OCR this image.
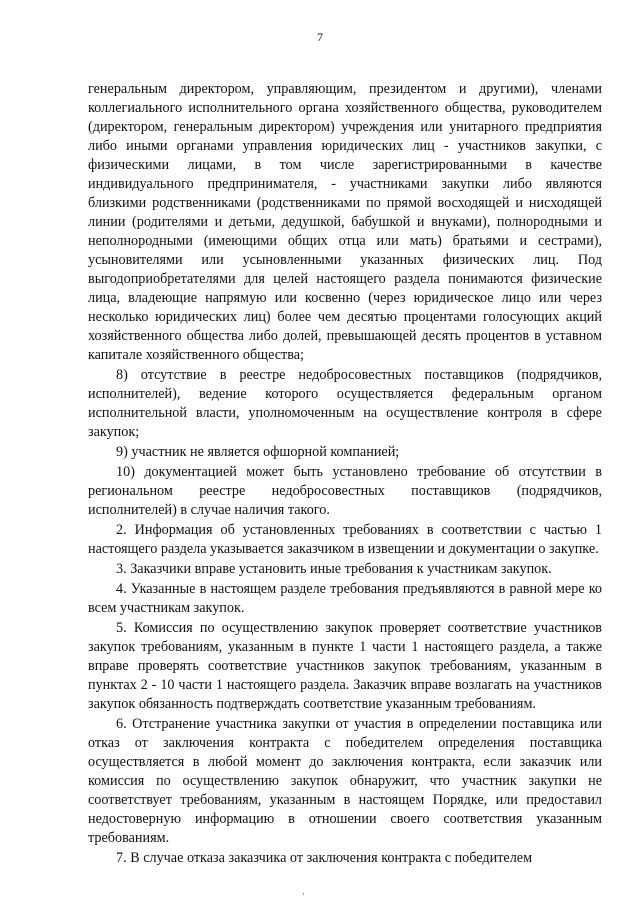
7

генеральным директором, управляющим, президентом и другими), членами коллегиального исполнительного органа хозяйственного общества, руководителем (директором, генеральным директором) учреждения или унитарного предприятия либо иными органами управления юридических лиц - участников закупки, с физическими лицами, в том числе зарегистрированными в качестве индивидуального предпринимателя, - участниками закупки либо являются близкими родственниками (родственниками по прямой восходящей и нисходящей линии (родителями и детьми, дедушкой, бабушкой и внуками), полнородными и неполнородными (имеющими общих отца или мать) братьями и сестрами), усыновителями или усыновленными указанных физических лиц. Под выгодоприобретателями для целей настоящего раздела понимаются физические лица, владеющие напрямую или косвенно (через юридическое лицо или через несколько юридических лиц) более чем десятью процентами голосующих акций хозяйственного общества либо долей, превышающей десять процентов в уставном капитале хозяйственного общества;

8) отсутствие в реестре недобросовестных поставщиков (подрядчиков, исполнителей), ведение которого осуществляется федеральным органом исполнительной власти, уполномоченным на осуществление контроля в сфере закупок;

9) участник не является офшорной компанией;

10) документацией может быть установлено требование об отсутствии в региональном реестре недобросовестных поставщиков (подрядчиков, исполнителей) в случае наличия такого.

2. Информация об установленных требованиях в соответствии с частью 1 настоящего раздела указывается заказчиком в извещении и документации о закупке.

3. Заказчики вправе установить иные требования к участникам закупок.

4. Указанные в настоящем разделе требования предъявляются в равной мере ко всем участникам закупок.

5. Комиссия по осуществлению закупок проверяет соответствие участников закупок требованиям, указанным в пункте 1 части 1 настоящего раздела, а также вправе проверять соответствие участников закупок требованиям, указанным в пунктах 2 - 10 части 1 настоящего раздела. Заказчик вправе возлагать на участников закупок обязанность подтверждать соответствие указанным требованиям.

6. Отстранение участника закупки от участия в определении поставщика или отказ от заключения контракта с победителем определения поставщика осуществляется в любой момент до заключения контракта, если заказчик или комиссия по осуществлению закупок обнаружит, что участник закупки не соответствует требованиям, указанным в настоящем Порядке, или предоставил недостоверную информацию в отношении своего соответствия указанным требованиям.

7. В случае отказа заказчика от заключения контракта с победителем

·
